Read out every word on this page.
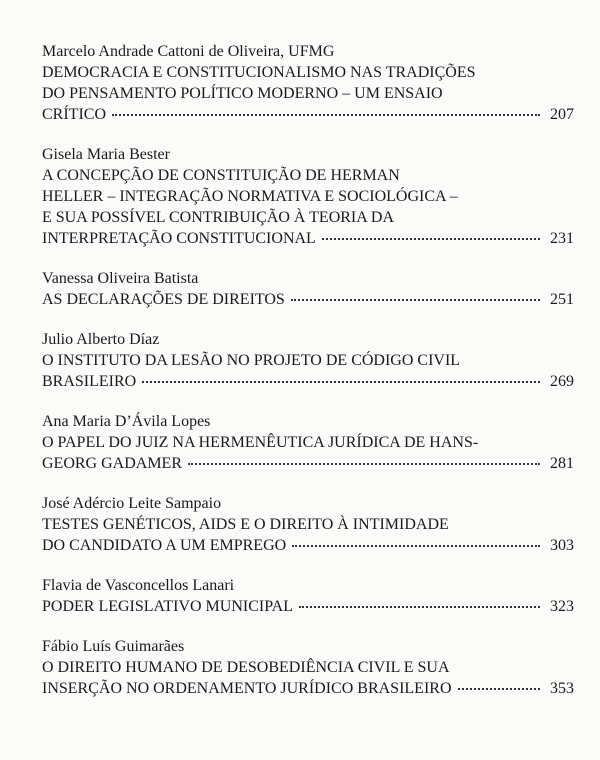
Marcelo Andrade Cattoni de Oliveira, UFMG
DEMOCRACIA E CONSTITUCIONALISMO NAS TRADIÇÕES
DO PENSAMENTO POLÍTICO MODERNO – UM ENSAIO
CRÍTICO	207
Gisela Maria Bester
A CONCEPÇÃO DE CONSTITUIÇÃO DE HERMAN
HELLER – INTEGRAÇÃO NORMATIVA E SOCIOLÓGICA –
E SUA POSSÍVEL CONTRIBUIÇÃO À TEORIA DA
INTERPRETAÇÃO CONSTITUCIONAL	231
Vanessa Oliveira Batista
AS DECLARAÇÕES DE DIREITOS	251
Julio Alberto Díaz
O INSTITUTO DA LESÃO NO PROJETO DE CÓDIGO CIVIL
BRASILEIRO	269
Ana Maria D’Ávila Lopes
O PAPEL DO JUIZ NA HERMENÊUTICA JURÍDICA DE HANS-
GEORG GADAMER	281
José Adércio Leite Sampaio
TESTES GENÉTICOS, AIDS E O DIREITO À INTIMIDADE
DO CANDIDATO A UM EMPREGO	303
Flavia de Vasconcellos Lanari
PODER LEGISLATIVO MUNICIPAL	323
Fábio Luís Guimarães
O DIREITO HUMANO DE DESOBEDIÊNCIA CIVIL E SUA
INSERÇÃO NO ORDENAMENTO JURÍDICO BRASILEIRO	353
